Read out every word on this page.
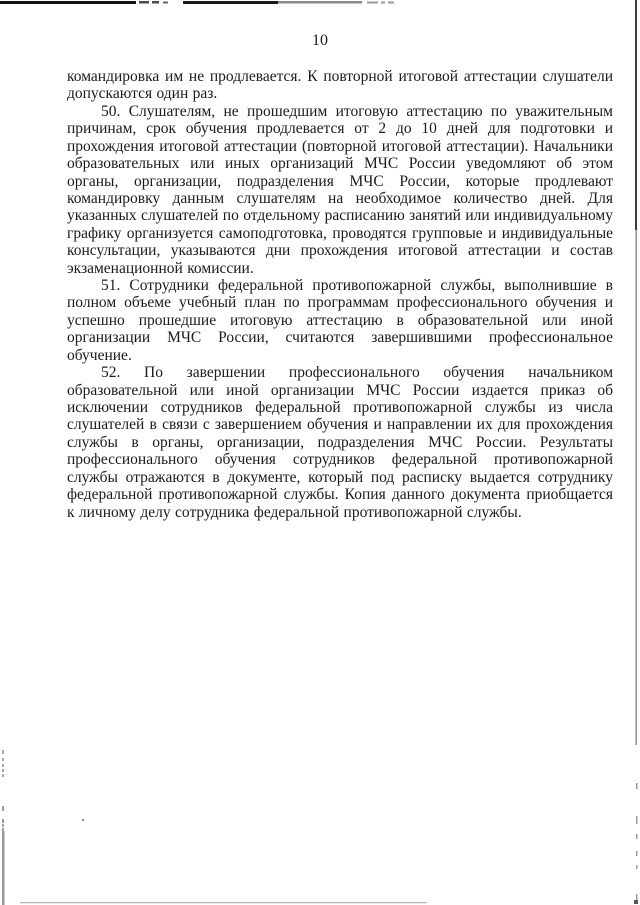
10

командировка им не продлевается. К повторной итоговой аттестации слушатели допускаются один раз.

50. Слушателям, не прошедшим итоговую аттестацию по уважительным причинам, срок обучения продлевается от 2 до 10 дней для подготовки и прохождения итоговой аттестации (повторной итоговой аттестации). Начальники образовательных или иных организаций МЧС России уведомляют об этом органы, организации, подразделения МЧС России, которые продлевают командировку данным слушателям на необходимое количество дней. Для указанных слушателей по отдельному расписанию занятий или индивидуальному графику организуется самоподготовка, проводятся групповые и индивидуальные консультации, указываются дни прохождения итоговой аттестации и состав экзаменационной комиссии.

51. Сотрудники федеральной противопожарной службы, выполнившие в полном объеме учебный план по программам профессионального обучения и успешно прошедшие итоговую аттестацию в образовательной или иной организации МЧС России, считаются завершившими профессиональное обучение.

52. По завершении профессионального обучения начальником образовательной или иной организации МЧС России издается приказ об исключении сотрудников федеральной противопожарной службы из числа слушателей в связи с завершением обучения и направлении их для прохождения службы в органы, организации, подразделения МЧС России. Результаты профессионального обучения сотрудников федеральной противопожарной службы отражаются в документе, который под расписку выдается сотруднику федеральной противопожарной службы. Копия данного документа приобщается к личному делу сотрудника федеральной противопожарной службы.
